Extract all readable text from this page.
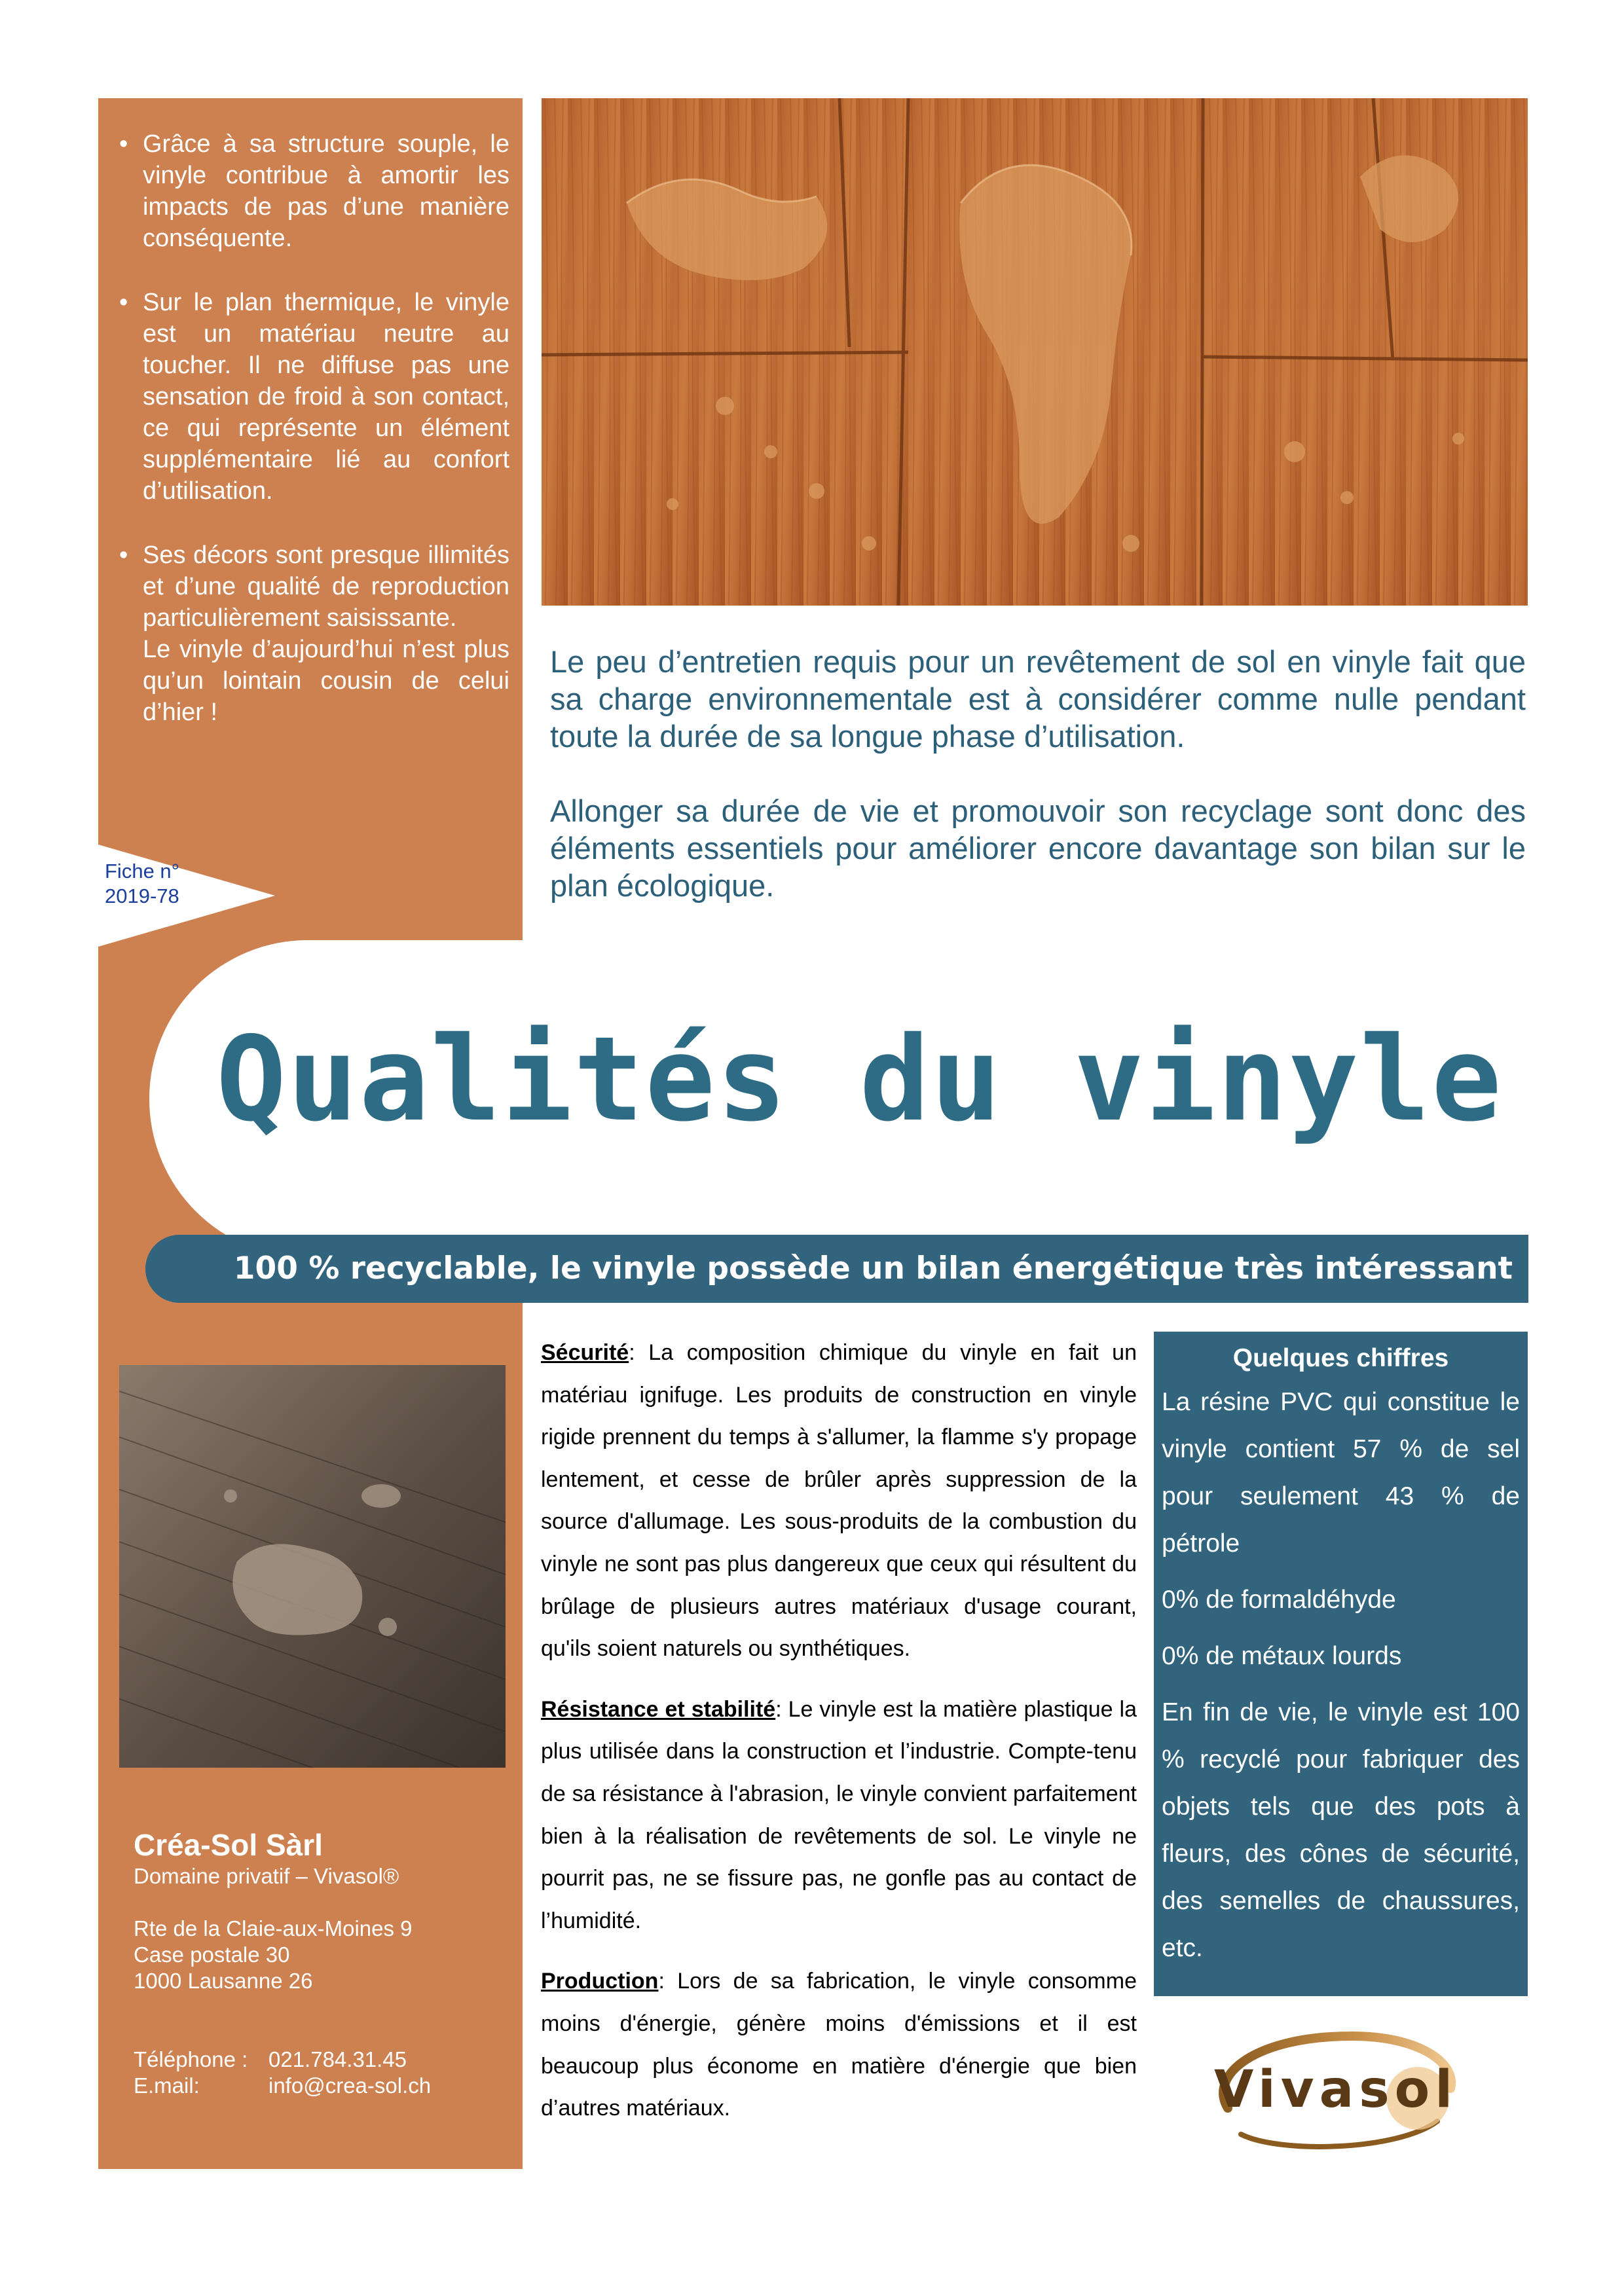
Fiche n°
2019-78
• Grâce à sa structure souple, le vinyle contribue à amortir les impacts de pas d’une manière conséquente.
• Sur le plan thermique, le vinyle est un matériau neutre au toucher. Il ne diffuse pas une sensation de froid à son contact, ce qui représente un élément supplémentaire lié au confort d’utilisation.
• Ses décors sont presque illimités et d’une qualité de reproduction particulièrement saisissante.
Le vinyle d’aujourd’hui n’est plus qu’un lointain cousin de celui d’hier !

Le peu d’entretien requis pour un revêtement de sol en vinyle fait que sa charge environnementale est à considérer comme nulle pendant toute la durée de sa longue phase d’utilisation.

Allonger sa durée de vie et promouvoir son recyclage sont donc des éléments essentiels pour améliorer encore davantage son bilan sur le plan écologique.

Qualités du vinyle
100 % recyclable, le vinyle possède un bilan énergétique très intéressant
Créa-Sol Sàrl
Domaine privatif – Vivasol®
Rte de la Claie-aux-Moines 9
Case postale 30
1000 Lausanne 26
Téléphone : 021.784.31.45
E.mail:	info@crea-sol.ch

Sécurité: La composition chimique du vinyle en fait un matériau ignifuge. Les produits de construction en vinyle rigide prennent du temps à s'allumer, la flamme s'y propage lentement, et cesse de brûler après suppression de la source d'allumage. Les sous-produits de la combustion du vinyle ne sont pas plus dangereux que ceux qui résultent du brûlage de plusieurs autres matériaux d'usage courant, qu'ils soient naturels ou synthétiques.

Résistance et stabilité: Le vinyle est la matière plastique la plus utilisée dans la construction et l’industrie. Compte-tenu de sa résistance à l'abrasion, le vinyle convient parfaitement bien à la réalisation de revêtements de sol. Le vinyle ne pourrit pas, ne se fissure pas, ne gonfle pas au contact de l’humidité.

Production: Lors de sa fabrication, le vinyle consomme moins d'énergie, génère moins d'émissions et il est beaucoup plus économe en matière d'énergie que bien d’autres matériaux.

Quelques chiffres

La résine PVC qui constitue le vinyle contient 57 % de sel pour seulement 43 % de pétrole

0% de formaldéhyde

0% de métaux lourds

En fin de vie, le vinyle est 100 % recyclé pour fabriquer des objets tels que des pots à fleurs, des cônes de sécurité, des semelles de chaussures, etc.

Vivasol
